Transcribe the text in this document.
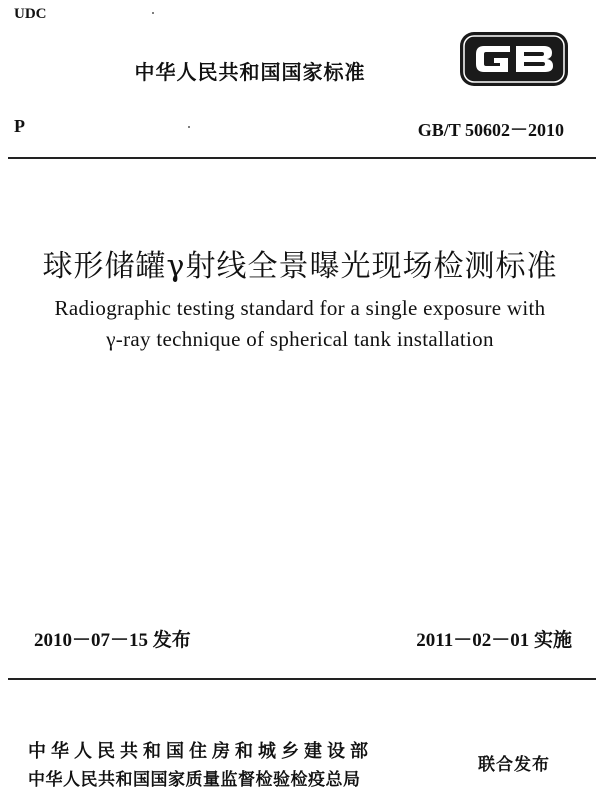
UDC
中华人民共和国国家标准
P	GB/T 50602－2010
球形储罐γ射线全景曝光现场检测标准
Radiographic testing standard for a single exposure with
γ-ray technique of spherical tank installation
2010－07－15 发布	2011－02－01 实施
中华人民共和国住房和城乡建设部
中华人民共和国国家质量监督检验检疫总局
联合发布
